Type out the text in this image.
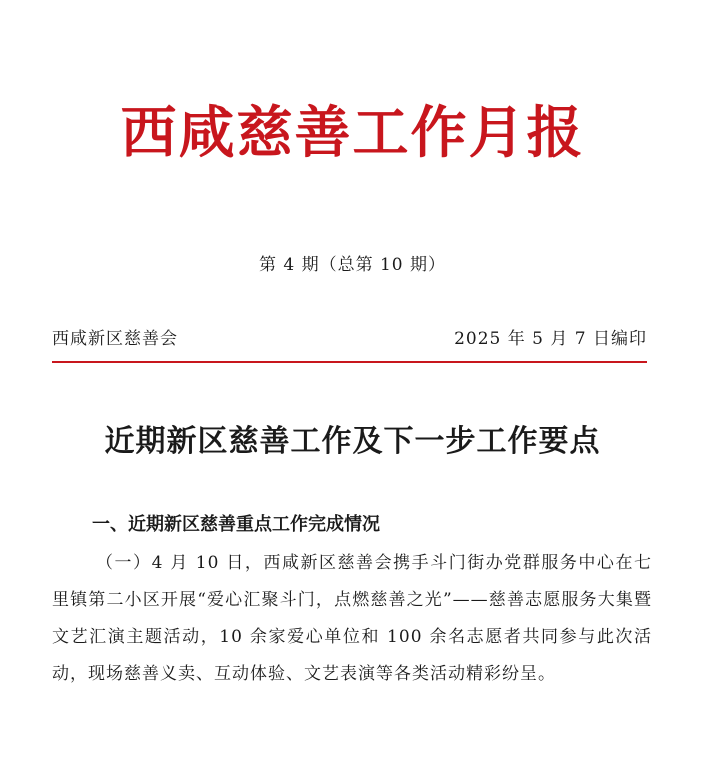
西咸慈善工作月报
第 4 期（总第 10 期）
西咸新区慈善会	2025 年 5 月 7 日编印
近期新区慈善工作及下一步工作要点
一、近期新区慈善重点工作完成情况

（一）4 月 10 日，西咸新区慈善会携手斗门街办党群服务中心在七里镇第二小区开展“爱心汇聚斗门，点燃慈善之光”——慈善志愿服务大集暨文艺汇演主题活动，10 余家爱心单位和 100 余名志愿者共同参与此次活动，现场慈善义卖、互动体验、文艺表演等各类活动精彩纷呈。
